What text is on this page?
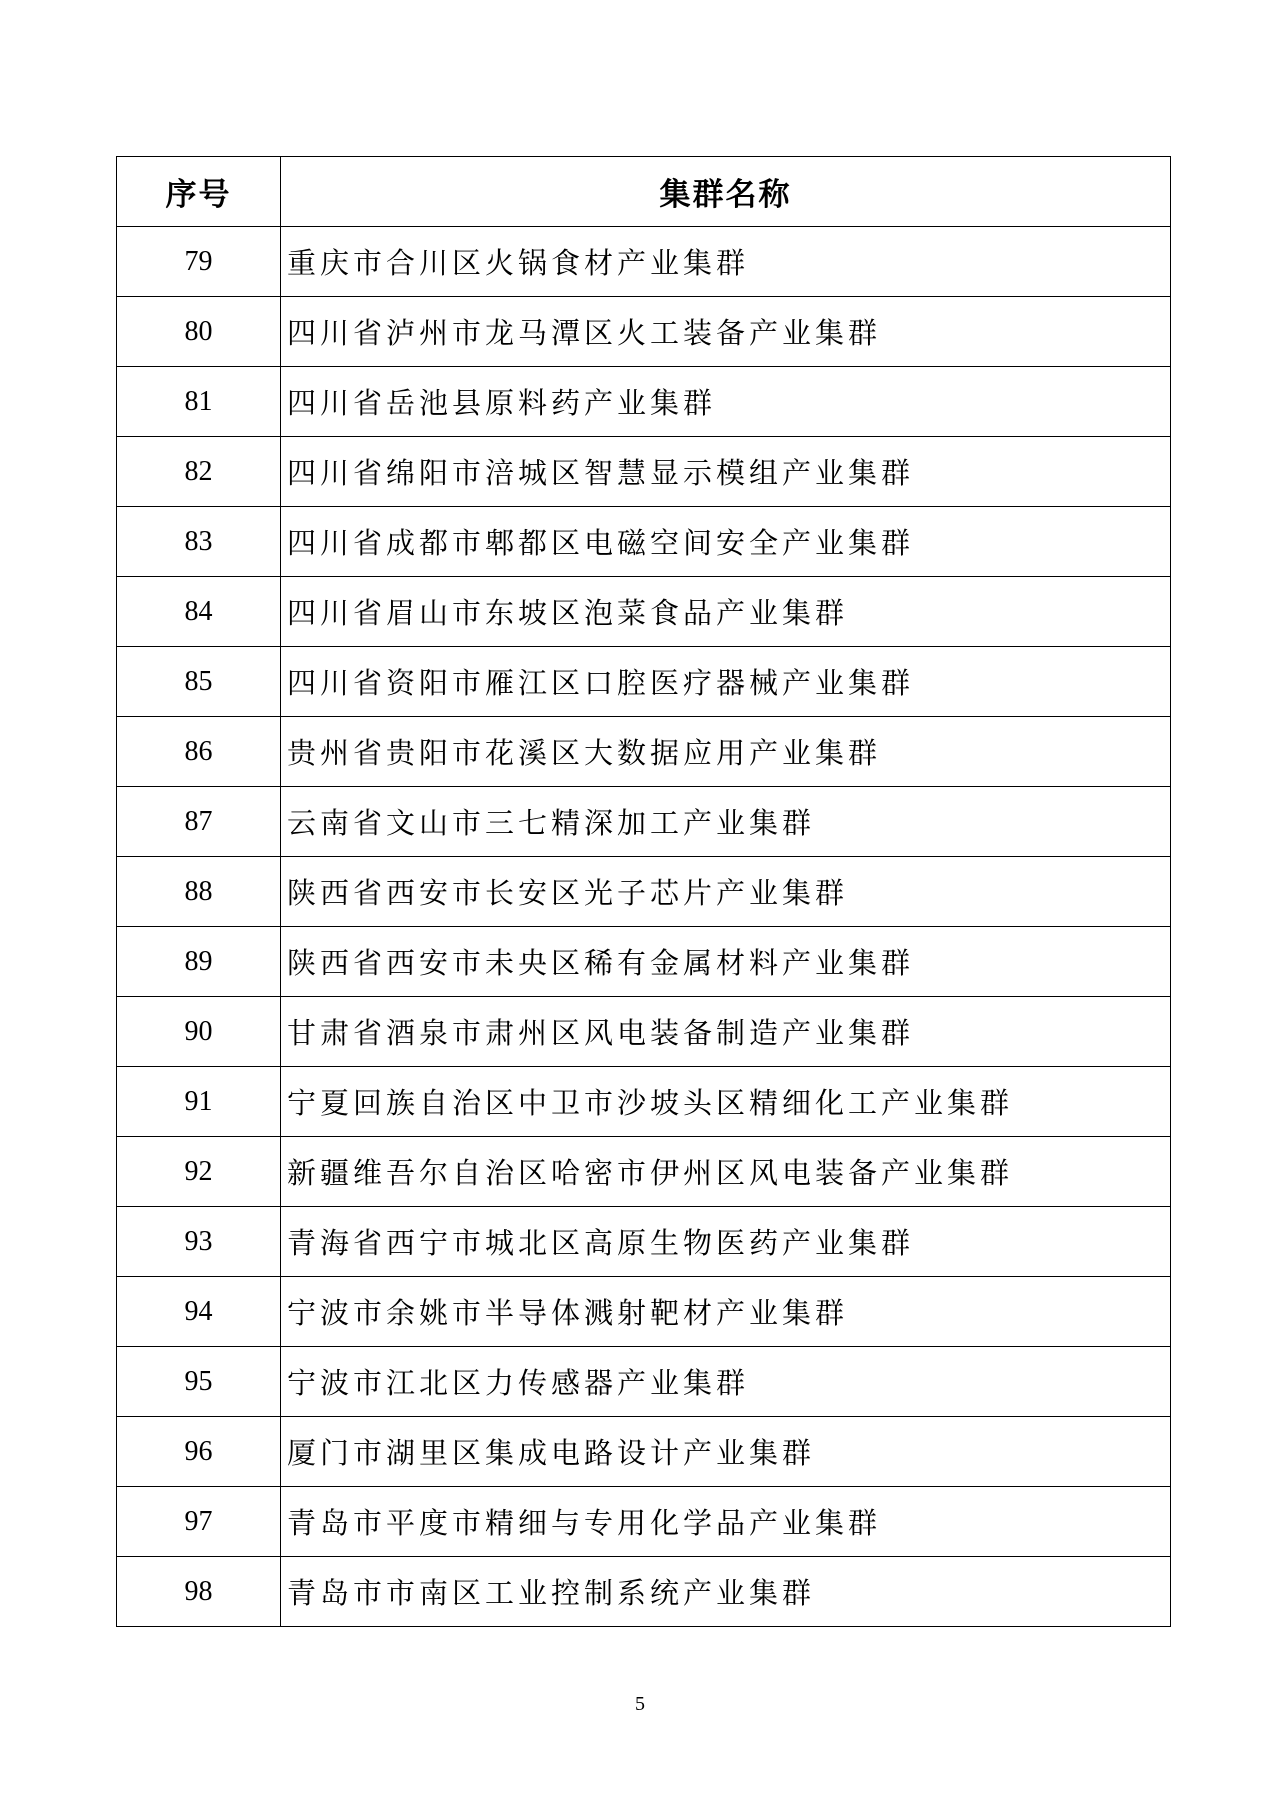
序号	集群名称
79	重庆市合川区火锅食材产业集群
80	四川省泸州市龙马潭区火工装备产业集群
81	四川省岳池县原料药产业集群
82	四川省绵阳市涪城区智慧显示模组产业集群
83	四川省成都市郫都区电磁空间安全产业集群
84	四川省眉山市东坡区泡菜食品产业集群
85	四川省资阳市雁江区口腔医疗器械产业集群
86	贵州省贵阳市花溪区大数据应用产业集群
87	云南省文山市三七精深加工产业集群
88	陕西省西安市长安区光子芯片产业集群
89	陕西省西安市未央区稀有金属材料产业集群
90	甘肃省酒泉市肃州区风电装备制造产业集群
91	宁夏回族自治区中卫市沙坡头区精细化工产业集群
92	新疆维吾尔自治区哈密市伊州区风电装备产业集群
93	青海省西宁市城北区高原生物医药产业集群
94	宁波市余姚市半导体溅射靶材产业集群
95	宁波市江北区力传感器产业集群
96	厦门市湖里区集成电路设计产业集群
97	青岛市平度市精细与专用化学品产业集群
98	青岛市市南区工业控制系统产业集群
5
